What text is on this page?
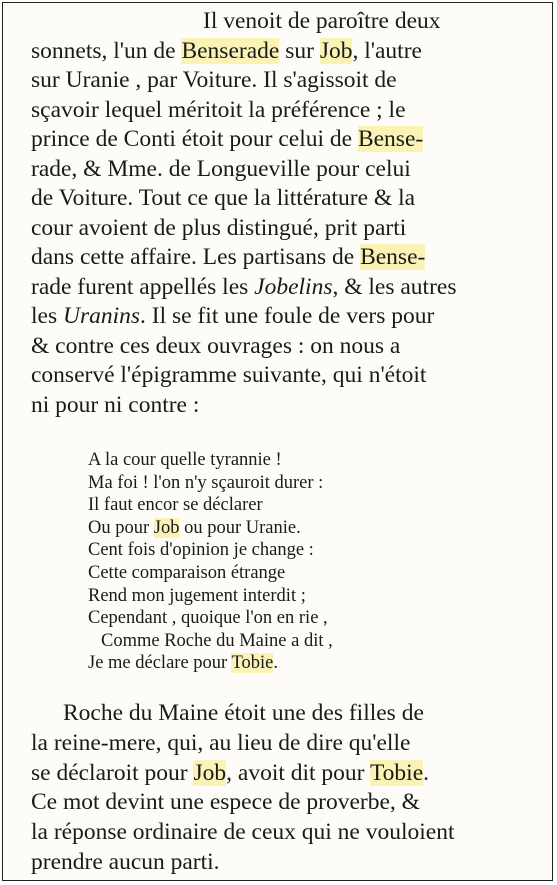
Il venoit de paroître deux
sonnets, l'un de Benserade sur Job, l'autre
sur Uranie , par Voiture. Il s'agissoit de
sçavoir lequel méritoit la préférence ; le
prince de Conti étoit pour celui de Bense-
rade, & Mme. de Longueville pour celui
de Voiture. Tout ce que la littérature & la
cour avoient de plus distingué, prit parti
dans cette affaire. Les partisans de Bense-
rade furent appellés les Jobelins, & les autres
les Uranins. Il se fit une foule de vers pour
& contre ces deux ouvrages : on nous a
conservé l'épigramme suivante, qui n'étoit
ni pour ni contre :
A la cour quelle tyrannie !
Ma foi ! l'on n'y sçauroit durer :
Il faut encor se déclarer
Ou pour Job ou pour Uranie.
Cent fois d'opinion je change :
Cette comparaison étrange
Rend mon jugement interdit ;
Cependant , quoique l'on en rie ,
Comme Roche du Maine a dit ,
Je me déclare pour Tobie.
Roche du Maine étoit une des filles de
la reine-mere, qui, au lieu de dire qu'elle
se déclaroit pour Job, avoit dit pour Tobie.
Ce mot devint une espece de proverbe, &
la réponse ordinaire de ceux qui ne vouloient
prendre aucun parti.
